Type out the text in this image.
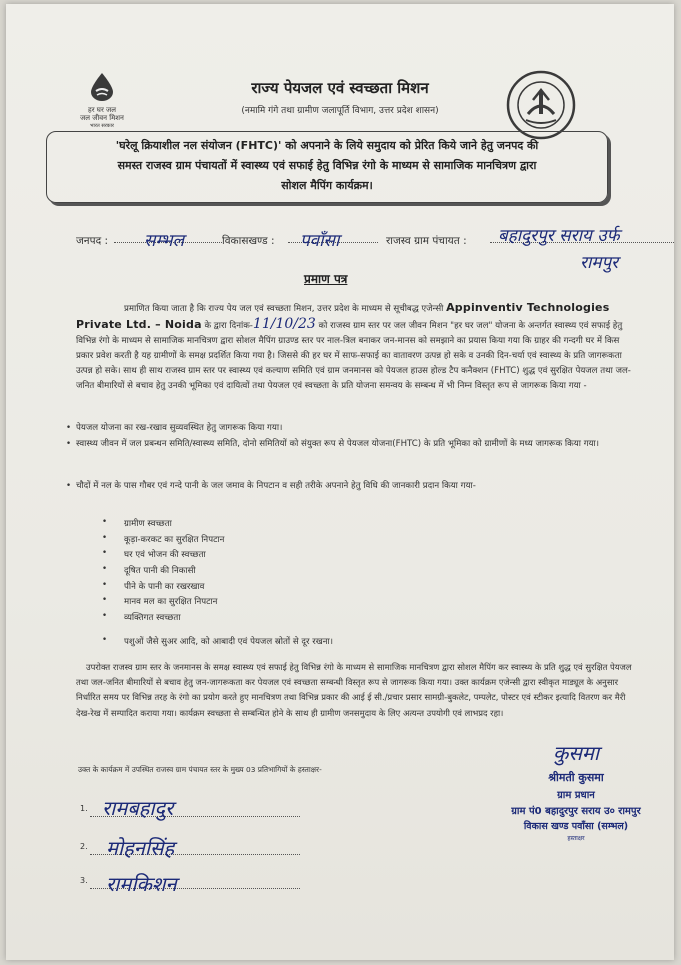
हर घर जल
जल जीवन मिशन
भारत सरकार
राज्य पेयजल एवं स्वच्छता मिशन
(नमामि गंगे तथा ग्रामीण जलापूर्ति विभाग, उत्तर प्रदेश शासन)
'घरेलू क्रियाशील नल संयोजन (FHTC)' को अपनाने के लिये समुदाय को प्रेरित किये जाने हेतु जनपद की
समस्त राजस्व ग्राम पंचायतों में स्वास्थ्य एवं सफाई हेतु विभिन्न रंगो के माध्यम से सामाजिक मानचित्रण द्वारा
सोशल मैपिंग कार्यक्रम।
जनपद : सम्भल	विकासखण्ड : पवाँसा	राजस्व ग्राम पंचायत : बहादुरपुर सराय उर्फ
रामपुर
प्रमाण पत्र
प्रमाणित किया जाता है कि राज्य पेय जल एवं स्वच्छता मिशन, उत्तर प्रदेश के माध्यम से सूचीबद्ध एजेन्सी Appinventiv Technologies Private Ltd. – Noida के द्वारा दिनांक-11/10/23 को राजस्व ग्राम स्तर पर जल जीवन मिशन "हर घर जल" योजना के अन्तर्गत स्वास्थ्य एवं सफाई हेतु विभिन्न रंगो के माध्यम से सामाजिक मानचित्रण द्वारा सोशल मैपिंग ग्राउण्ड स्तर पर नाल-त्रिल बनाकर जन-मानस को समझाने का प्रयास किया गया कि ग्राहर की गन्दगी घर में किस प्रकार प्रवेश करती है यह ग्रामीणों के समक्ष प्रदर्शित किया गया है। जिससे की हर घर में साफ-सफाई का वातावरण उत्पन्न हो सके व उनकी दिन-चर्या एवं स्वास्थ्य के प्रति जागरूकता उत्पन्न हो सके। साथ ही साथ राजस्व ग्राम स्तर पर स्वास्थ्य एवं कल्याण समिति एवं ग्राम जनमानस को पेयजल हाउस होल्ड टैप कनैक्शन (FHTC) शुद्ध एवं सुरक्षित पेयजल तथा जल-जनित बीमारियों से बचाव हेतु उनकी भूमिका एवं दायित्वों तथा पेयजल एवं स्वच्छता के प्रति योजना समन्वय के सम्बन्ध में भी निम्न विस्तृत रूप से जागरूक किया गया -
• पेयजल योजना का रख-रखाव सुव्यवस्थित हेतु जागरूक किया गया।
• स्वास्थ्य जीवन में जल प्रबन्धन समिति/स्वास्थ्य समिति, दोनो समितियों को संयुक्त रूप से पेयजल योजना(FHTC) के प्रति भूमिका को ग्रामीणों के मध्य जागरूक किया गया।
• चौदों में नल के पास गौबर एवं गन्दे पानी के जल जमाव के निपटान व सही तरीके अपनाने हेतु विधि की जानकारी प्रदान किया गया-
• ग्रामीण स्वच्छता
• कूड़ा-करकट का सुरक्षित निपटान
• घर एवं भोजन की स्वच्छता
• दूषित पानी की निकासी
• पीने के पानी का रखरखाव
• मानव मल का सुरक्षित निपटान
• व्यक्तिगत स्वच्छता
• पशुओं जैसे सुअर आदि, को आबादी एवं पेयजल स्रोतों से दूर रखना।
उपरोक्त राजस्व ग्राम स्तर के जनमानस के समक्ष स्वास्थ्य एवं सफाई हेतु विभिन्न रंगो के माध्यम से सामाजिक मानचित्रण द्वारा सोशल मैपिंग कर स्वास्थ्य के प्रति शुद्ध एवं सुरक्षित पेयजल तथा जल-जनित बीमारियों से बचाव हेतु जन-जागरूकता कर पेयजल एवं स्वच्छता सम्बन्धी विस्तृत रूप से जागरूक किया गया। उक्त कार्यक्रम एजेन्सी द्वारा स्वीकृत माड्यूल के अनुसार निर्धारित समय पर विभिन्न तरह के रंगो का प्रयोग करते हुए मानचित्रण तथा विभिन्न प्रकार की आई ई सी./प्रचार प्रसार सामग्री-बुकलेट, पम्पलेट, पोस्टर एवं स्टीकर इत्यादि वितरण कर मैरी देख-रेख में सम्पादित कराया गया। कार्यक्रम स्वच्छता से सम्बन्धित होने के साथ ही ग्रामीण जनसमुदाय के लिए अत्यन्त उपयोगी एवं लाभप्रद रहा।
उक्त के कार्यक्रम में उपस्थित राजस्व ग्राम पंचायत स्तर के मुख्य 03 प्रतिभागियों के हस्ताक्षर-
1. रामबहादुर
2. मोहनसिंह
3. रामकिशन
कुसमा
श्रीमती कुसमा
ग्राम प्रधान
ग्राम पं0 बहादुरपुर सराय उ० रामपुर
विकास खण्ड पवाँसा (सम्भल)
हस्ताक्षर
